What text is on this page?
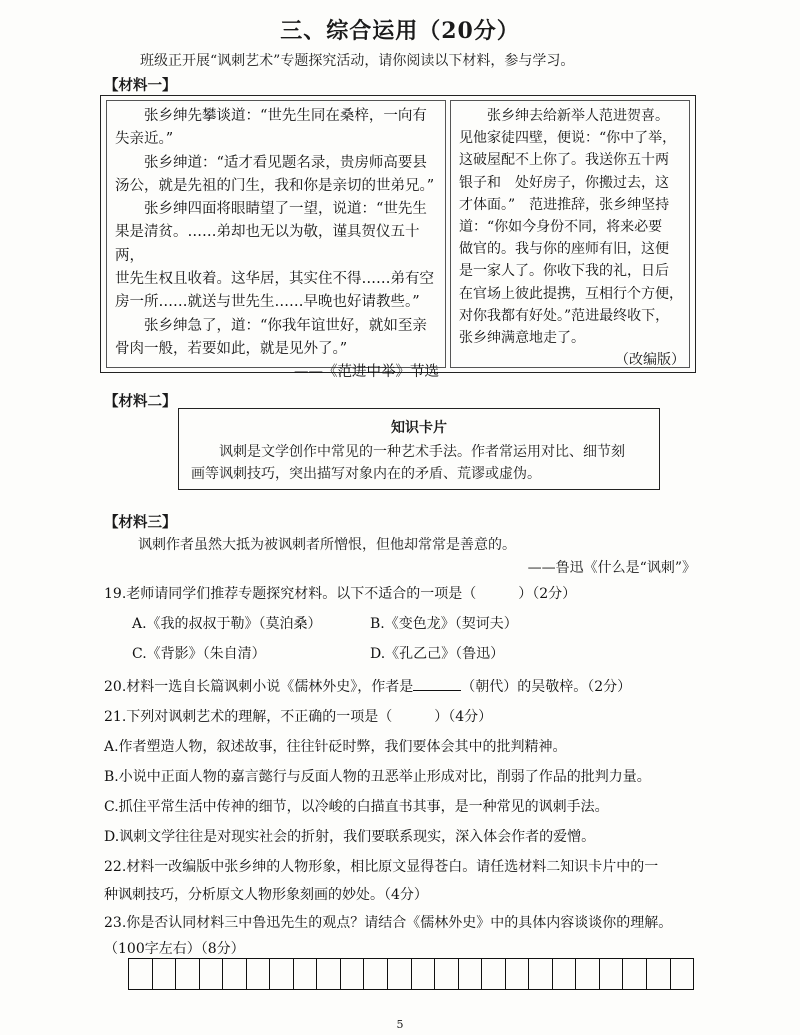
三、综合运用（20分）
班级正开展“讽刺艺术”专题探究活动，请你阅读以下材料，参与学习。
【材料一】

张乡绅先攀谈道：“世先生同在桑梓，一向有

失亲近。”

张乡绅道：“适才看见题名录，贵房师高要县

汤公，就是先祖的门生，我和你是亲切的世弟兄。”

张乡绅四面将眼睛望了一望，说道：“世先生

果是清贫。……弟却也无以为敬，谨具贺仪五十两，

世先生权且收着。这华居，其实住不得……弟有空

房一所……就送与世先生……早晚也好请教些。”

张乡绅急了，道：“你我年谊世好，就如至亲

骨肉一般，若要如此，就是见外了。”

——《范进中举》节选

张乡绅去给新举人范进贺喜。

见他家徒四壁，便说：“你中了举，

这破屋配不上你了。我送你五十两

银子和　处好房子，你搬过去，这

才体面。”　范进推辞，张乡绅坚持

道：“你如今身份不同，将来必要

做官的。我与你的座师有旧，这便

是一家人了。你收下我的礼，日后

在官场上彼此提携，互相行个方便，

对你我都有好处。”范进最终收下，

张乡绅满意地走了。

（改编版）

【材料二】
知识卡片
讽刺是文学创作中常见的一种艺术手法。作者常运用对比、细节刻
画等讽刺技巧，突出描写对象内在的矛盾、荒谬或虚伪。
【材料三】
讽刺作者虽然大抵为被讽刺者所憎恨，但他却常常是善意的。
——鲁迅《什么是“讽刺”》
19.老师请同学们推荐专题探究材料。以下不适合的一项是（　　　）（2分）
A.《我的叔叔于勒》（莫泊桑）	B.《变色龙》（契诃夫）
C.《背影》（朱自清）	D.《孔乙己》（鲁迅）
20.材料一选自长篇讽刺小说《儒林外史》，作者是	（朝代）的吴敬梓。（2分）
21.下列对讽刺艺术的理解，不正确的一项是（　　　）（4分）
A.作者塑造人物，叙述故事，往往针砭时弊，我们要体会其中的批判精神。
B.小说中正面人物的嘉言懿行与反面人物的丑恶举止形成对比，削弱了作品的批判力量。
C.抓住平常生活中传神的细节，以冷峻的白描直书其事，是一种常见的讽刺手法。
D.讽刺文学往往是对现实社会的折射，我们要联系现实，深入体会作者的爱憎。
22.材料一改编版中张乡绅的人物形象，相比原文显得苍白。请任选材料二知识卡片中的一
种讽刺技巧，分析原文人物形象刻画的妙处。（4分）
23.你是否认同材料三中鲁迅先生的观点？请结合《儒林外史》中的具体内容谈谈你的理解。
（100字左右）（8分）
5
